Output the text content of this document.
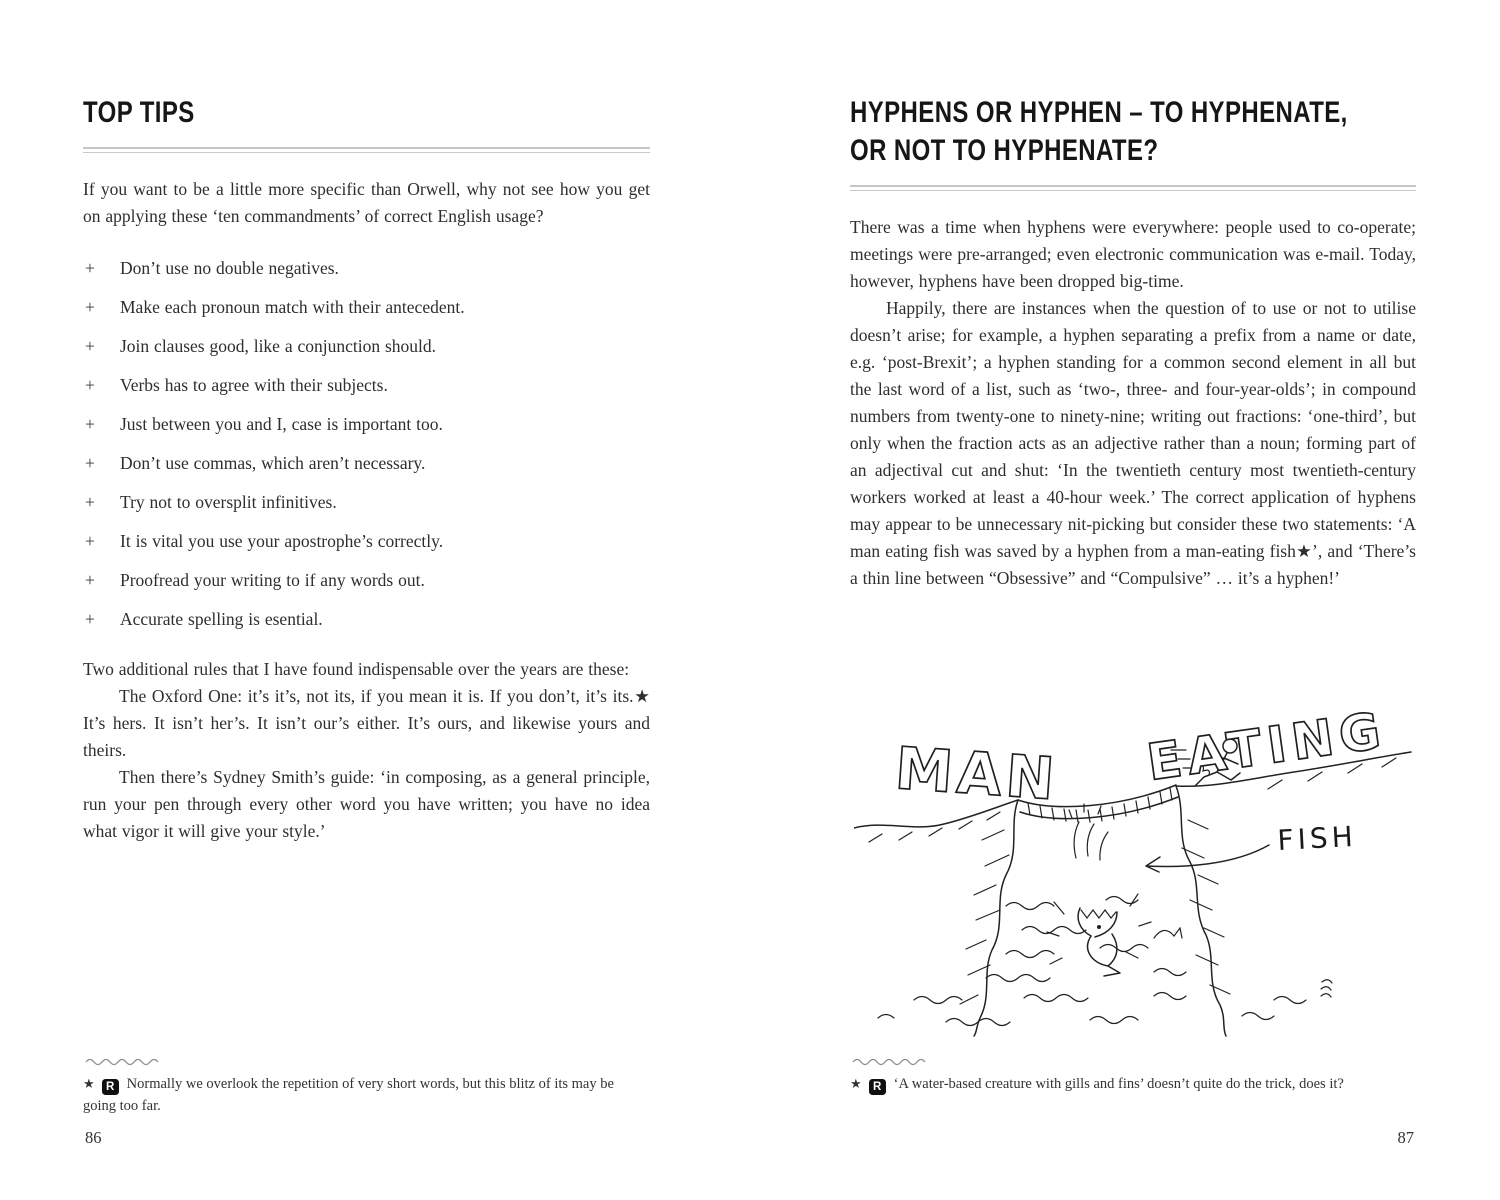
TOP TIPS

If you want to be a little more specific than Orwell, why not see how you get on applying these ‘ten commandments’ of correct English usage?

+ Don’t use no double negatives.
+ Make each pronoun match with their antecedent.
+ Join clauses good, like a conjunction should.
+ Verbs has to agree with their subjects.
+ Just between you and I, case is important too.
+ Don’t use commas, which aren’t necessary.
+ Try not to oversplit infinitives.
+ It is vital you use your apostrophe’s correctly.
+ Proofread your writing to if any words out.
+ Accurate spelling is esential.

Two additional rules that I have found indispensable over the years are these:

The Oxford One: it’s it’s, not its, if you mean it is. If you don’t, it’s its.★ It’s hers. It isn’t her’s. It isn’t our’s either. It’s ours, and likewise yours and theirs.

Then there’s Sydney Smith’s guide: ‘in composing, as a general principle, run your pen through every other word you have written; you have no idea what vigor it will give your style.’

★ R Normally we overlook the repetition of very short words, but this blitz of its may be going too far.

86
HYPHENS OR HYPHEN – TO HYPHENATE,
OR NOT TO HYPHENATE?

There was a time when hyphens were everywhere: people used to co-operate; meetings were pre-arranged; even electronic communication was e-mail. Today, however, hyphens have been dropped big-time.

Happily, there are instances when the question of to use or not to utilise doesn’t arise; for example, a hyphen separating a prefix from a name or date, e.g. ‘post-Brexit’; a hyphen standing for a common second element in all but the last word of a list, such as ‘two-, three- and four-year-olds’; in compound numbers from twenty-one to ninety-nine; writing out fractions: ‘one-third’, but only when the fraction acts as an adjective rather than a noun; forming part of an adjectival cut and shut: ‘In the twentieth century most twentieth-century workers worked at least a 40-hour week.’ The correct application of hyphens may appear to be unnecessary nit-picking but consider these two statements: ‘A man eating fish was saved by a hyphen from a man-eating fish★’, and ‘There’s a thin line between “Obsessive” and “Compulsive” … it’s a hyphen!’

MAN EATING
FISH

★ R ‘A water-based creature with gills and fins’ doesn’t quite do the trick, does it?

87
